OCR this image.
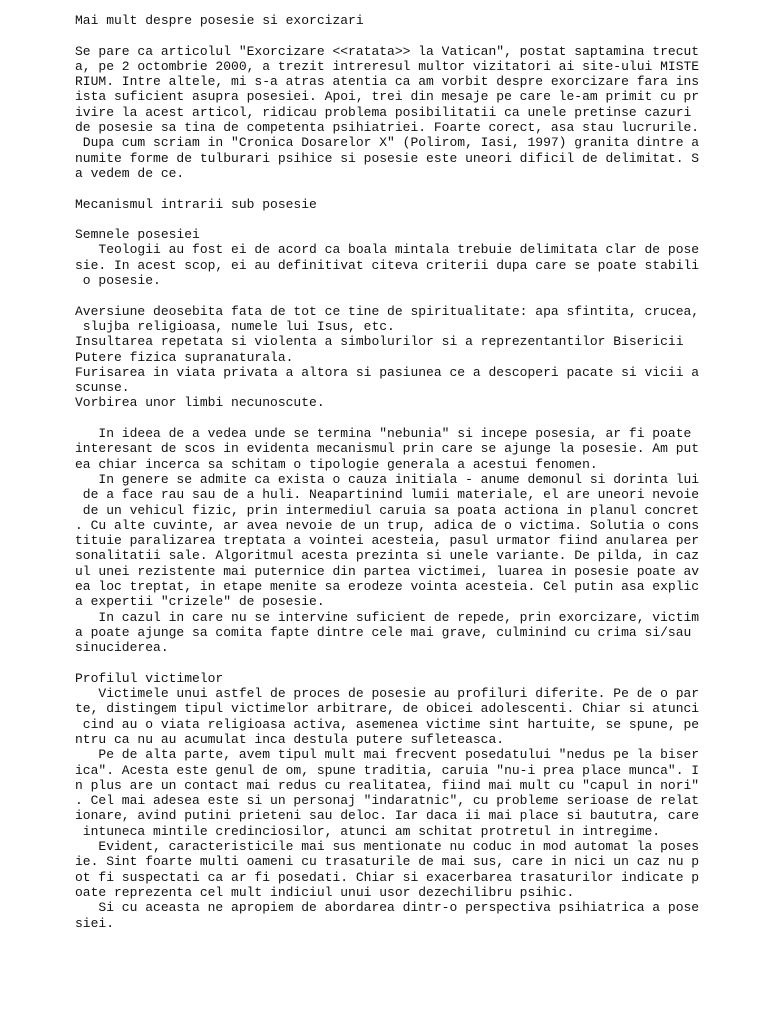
Mai mult despre posesie si exorcizari
Se pare ca articolul "Exorcizare <<ratata>> la Vatican", postat saptamina trecut
a, pe 2 octombrie 2000, a trezit intreresul multor vizitatori ai site-ului MISTE
RIUM. Intre altele, mi s-a atras atentia ca am vorbit despre exorcizare fara ins
ista suficient asupra posesiei. Apoi, trei din mesaje pe care le-am primit cu pr
ivire la acest articol, ridicau problema posibilitatii ca unele pretinse cazuri
de posesie sa tina de competenta psihiatriei. Foarte corect, asa stau lucrurile.
Dupa cum scriam in "Cronica Dosarelor X" (Polirom, Iasi, 1997) granita dintre a
numite forme de tulburari psihice si posesie este uneori dificil de delimitat. S
a vedem de ce.
Mecanismul intrarii sub posesie
Semnele posesiei
Teologii au fost ei de acord ca boala mintala trebuie delimitata clar de pose
sie. In acest scop, ei au definitivat citeva criterii dupa care se poate stabili
o posesie.
Aversiune deosebita fata de tot ce tine de spiritualitate: apa sfintita, crucea,
slujba religioasa, numele lui Isus, etc.
Insultarea repetata si violenta a simbolurilor si a reprezentantilor Bisericii
Putere fizica supranaturala.
Furisarea in viata privata a altora si pasiunea ce a descoperi pacate si vicii a
scunse.
Vorbirea unor limbi necunoscute.
In ideea de a vedea unde se termina "nebunia" si incepe posesia, ar fi poate
interesant de scos in evidenta mecanismul prin care se ajunge la posesie. Am put
ea chiar incerca sa schitam o tipologie generala a acestui fenomen.
In genere se admite ca exista o cauza initiala - anume demonul si dorinta lui
de a face rau sau de a huli. Neapartinind lumii materiale, el are uneori nevoie
de un vehicul fizic, prin intermediul caruia sa poata actiona in planul concret
. Cu alte cuvinte, ar avea nevoie de un trup, adica de o victima. Solutia o cons
tituie paralizarea treptata a vointei acesteia, pasul urmator fiind anularea per
sonalitatii sale. Algoritmul acesta prezinta si unele variante. De pilda, in caz
ul unei rezistente mai puternice din partea victimei, luarea in posesie poate av
ea loc treptat, in etape menite sa erodeze vointa acesteia. Cel putin asa explic
a expertii "crizele" de posesie.
In cazul in care nu se intervine suficient de repede, prin exorcizare, victim
a poate ajunge sa comita fapte dintre cele mai grave, culminind cu crima si/sau
sinuciderea.
Profilul victimelor
Victimele unui astfel de proces de posesie au profiluri diferite. Pe de o par
te, distingem tipul victimelor arbitrare, de obicei adolescenti. Chiar si atunci
cind au o viata religioasa activa, asemenea victime sint hartuite, se spune, pe
ntru ca nu au acumulat inca destula putere sufleteasca.
Pe de alta parte, avem tipul mult mai frecvent posedatului "nedus pe la biser
ica". Acesta este genul de om, spune traditia, caruia "nu-i prea place munca". I
n plus are un contact mai redus cu realitatea, fiind mai mult cu "capul in nori"
. Cel mai adesea este si un personaj "indaratnic", cu probleme serioase de relat
ionare, avind putini prieteni sau deloc. Iar daca ii mai place si baututra, care
intuneca mintile credinciosilor, atunci am schitat protretul in intregime.
Evident, caracteristicile mai sus mentionate nu coduc in mod automat la poses
ie. Sint foarte multi oameni cu trasaturile de mai sus, care in nici un caz nu p
ot fi suspectati ca ar fi posedati. Chiar si exacerbarea trasaturilor indicate p
oate reprezenta cel mult indiciul unui usor dezechilibru psihic.
Si cu aceasta ne apropiem de abordarea dintr-o perspectiva psihiatrica a pose
siei.
